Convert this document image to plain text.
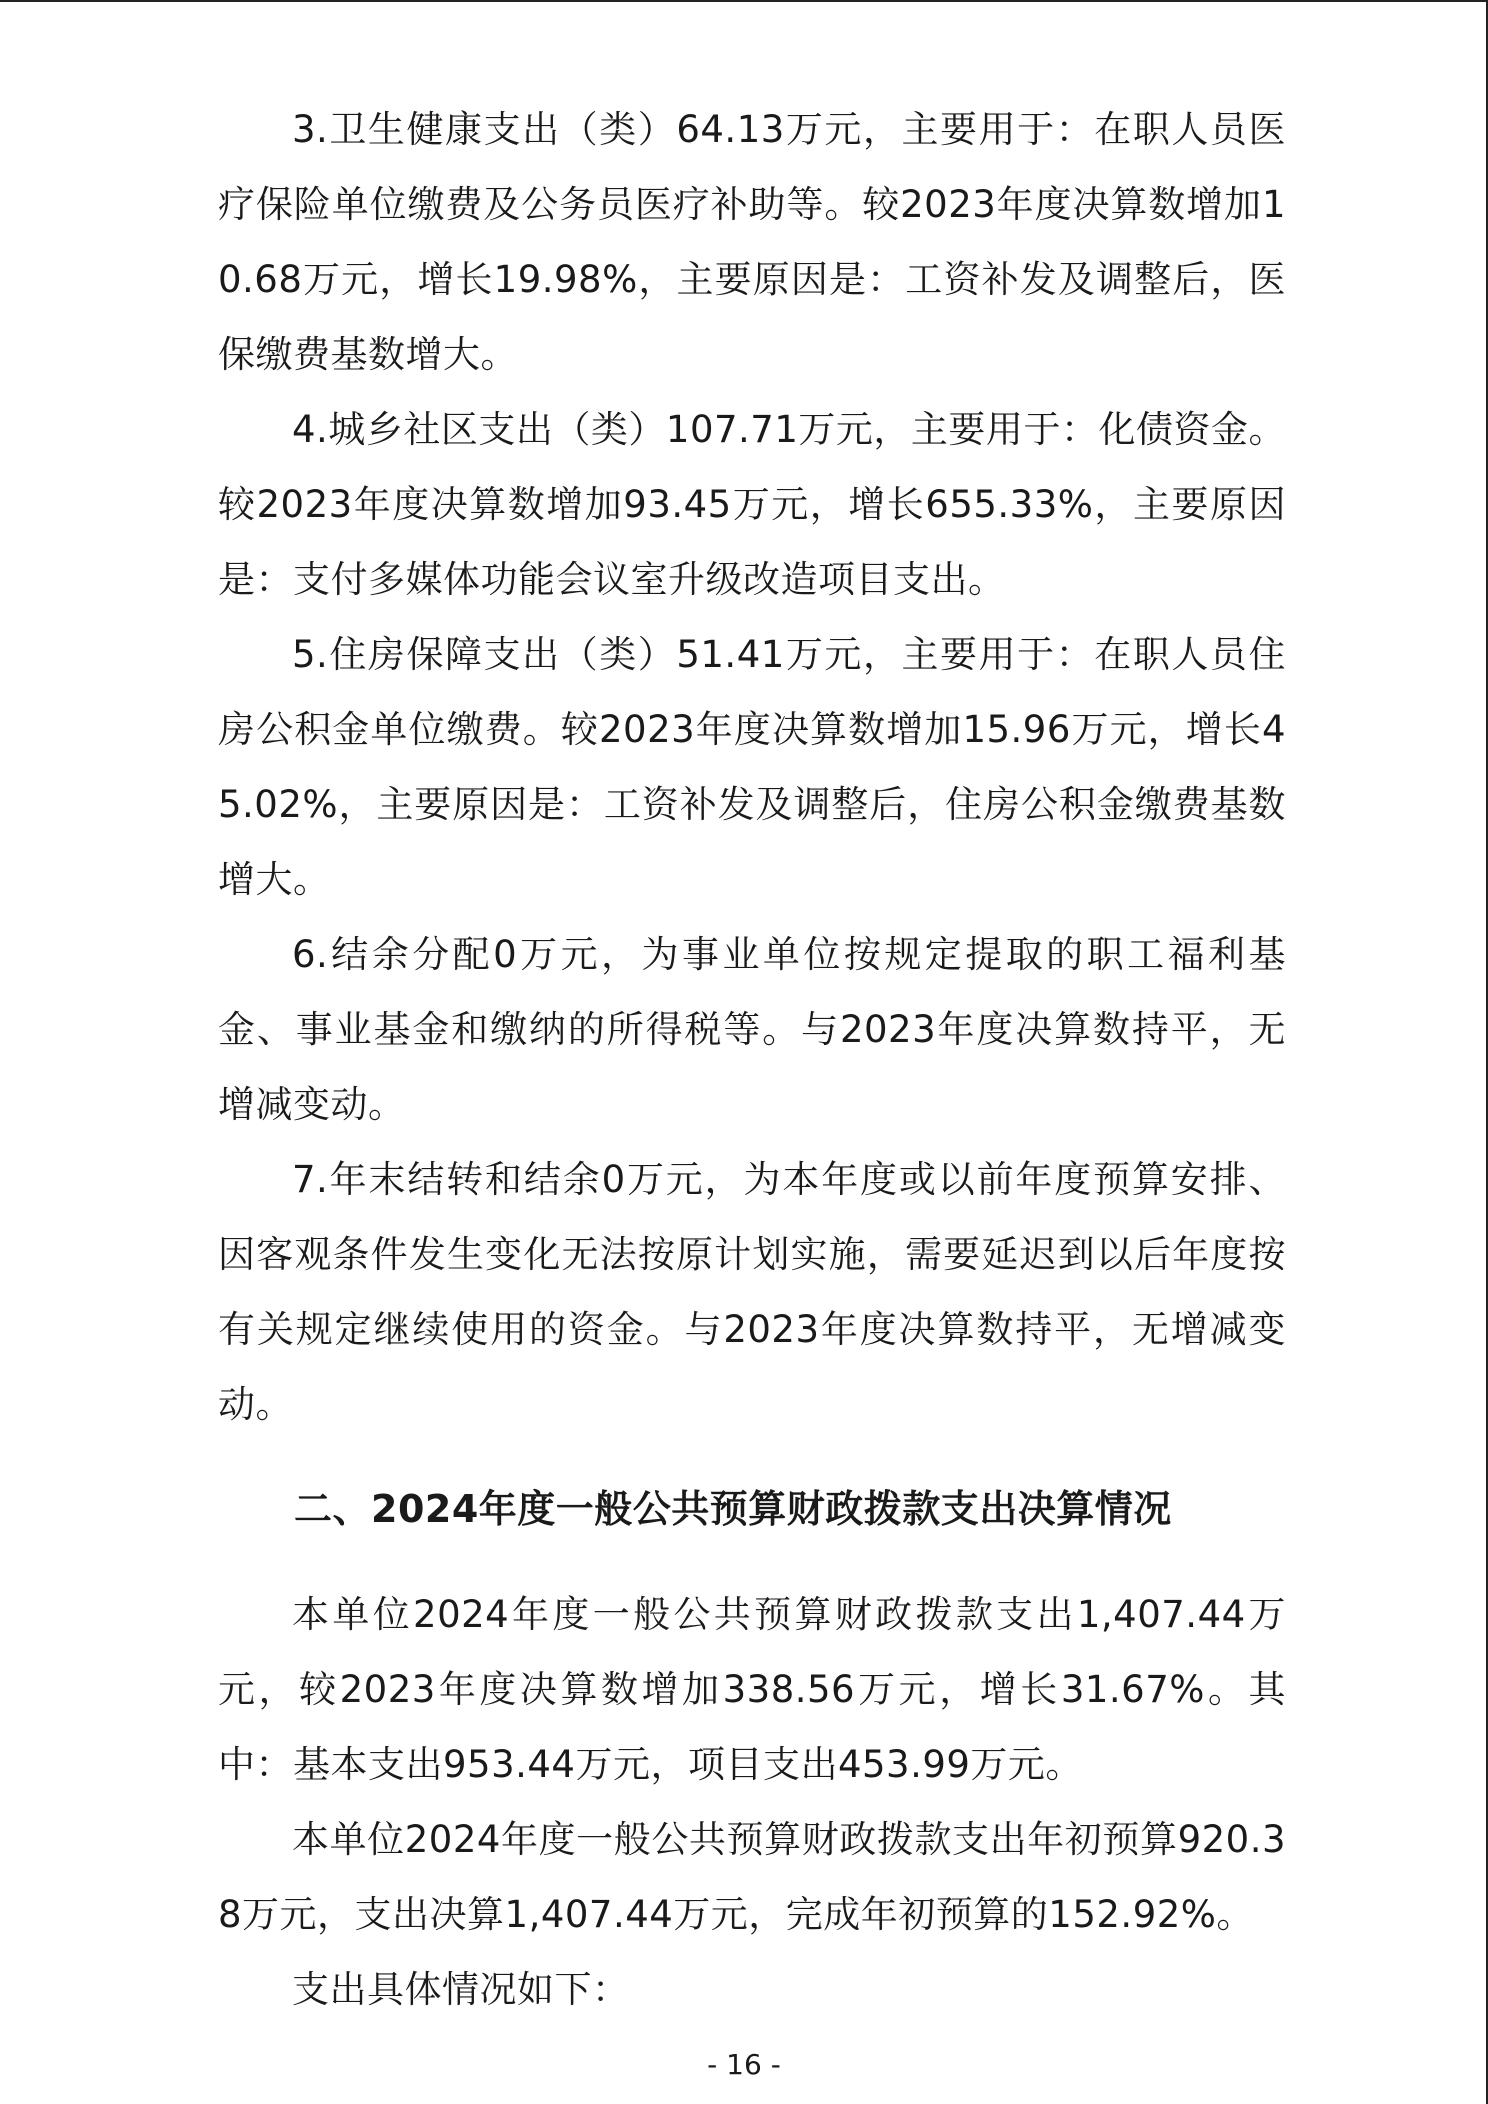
3.卫生健康支出（类）64.13万元，主要用于：在职人员医疗保险单位缴费及公务员医疗补助等。较2023年度决算数增加10.68万元，增长19.98%，主要原因是：工资补发及调整后，医保缴费基数增大。

4.城乡社区支出（类）107.71万元，主要用于：化债资金。较2023年度决算数增加93.45万元，增长655.33%，主要原因是：支付多媒体功能会议室升级改造项目支出。

5.住房保障支出（类）51.41万元，主要用于：在职人员住房公积金单位缴费。较2023年度决算数增加15.96万元，增长45.02%，主要原因是：工资补发及调整后，住房公积金缴费基数增大。

6.结余分配0万元，为事业单位按规定提取的职工福利基金、事业基金和缴纳的所得税等。与2023年度决算数持平，无增减变动。

7.年末结转和结余0万元，为本年度或以前年度预算安排、因客观条件发生变化无法按原计划实施，需要延迟到以后年度按有关规定继续使用的资金。与2023年度决算数持平，无增减变动。

二、2024年度一般公共预算财政拨款支出决算情况

本单位2024年度一般公共预算财政拨款支出1,407.44万元，较2023年度决算数增加338.56万元，增长31.67%。其中：基本支出953.44万元，项目支出453.99万元。

本单位2024年度一般公共预算财政拨款支出年初预算920.38万元，支出决算1,407.44万元，完成年初预算的152.92%。

支出具体情况如下：

- 16 -
